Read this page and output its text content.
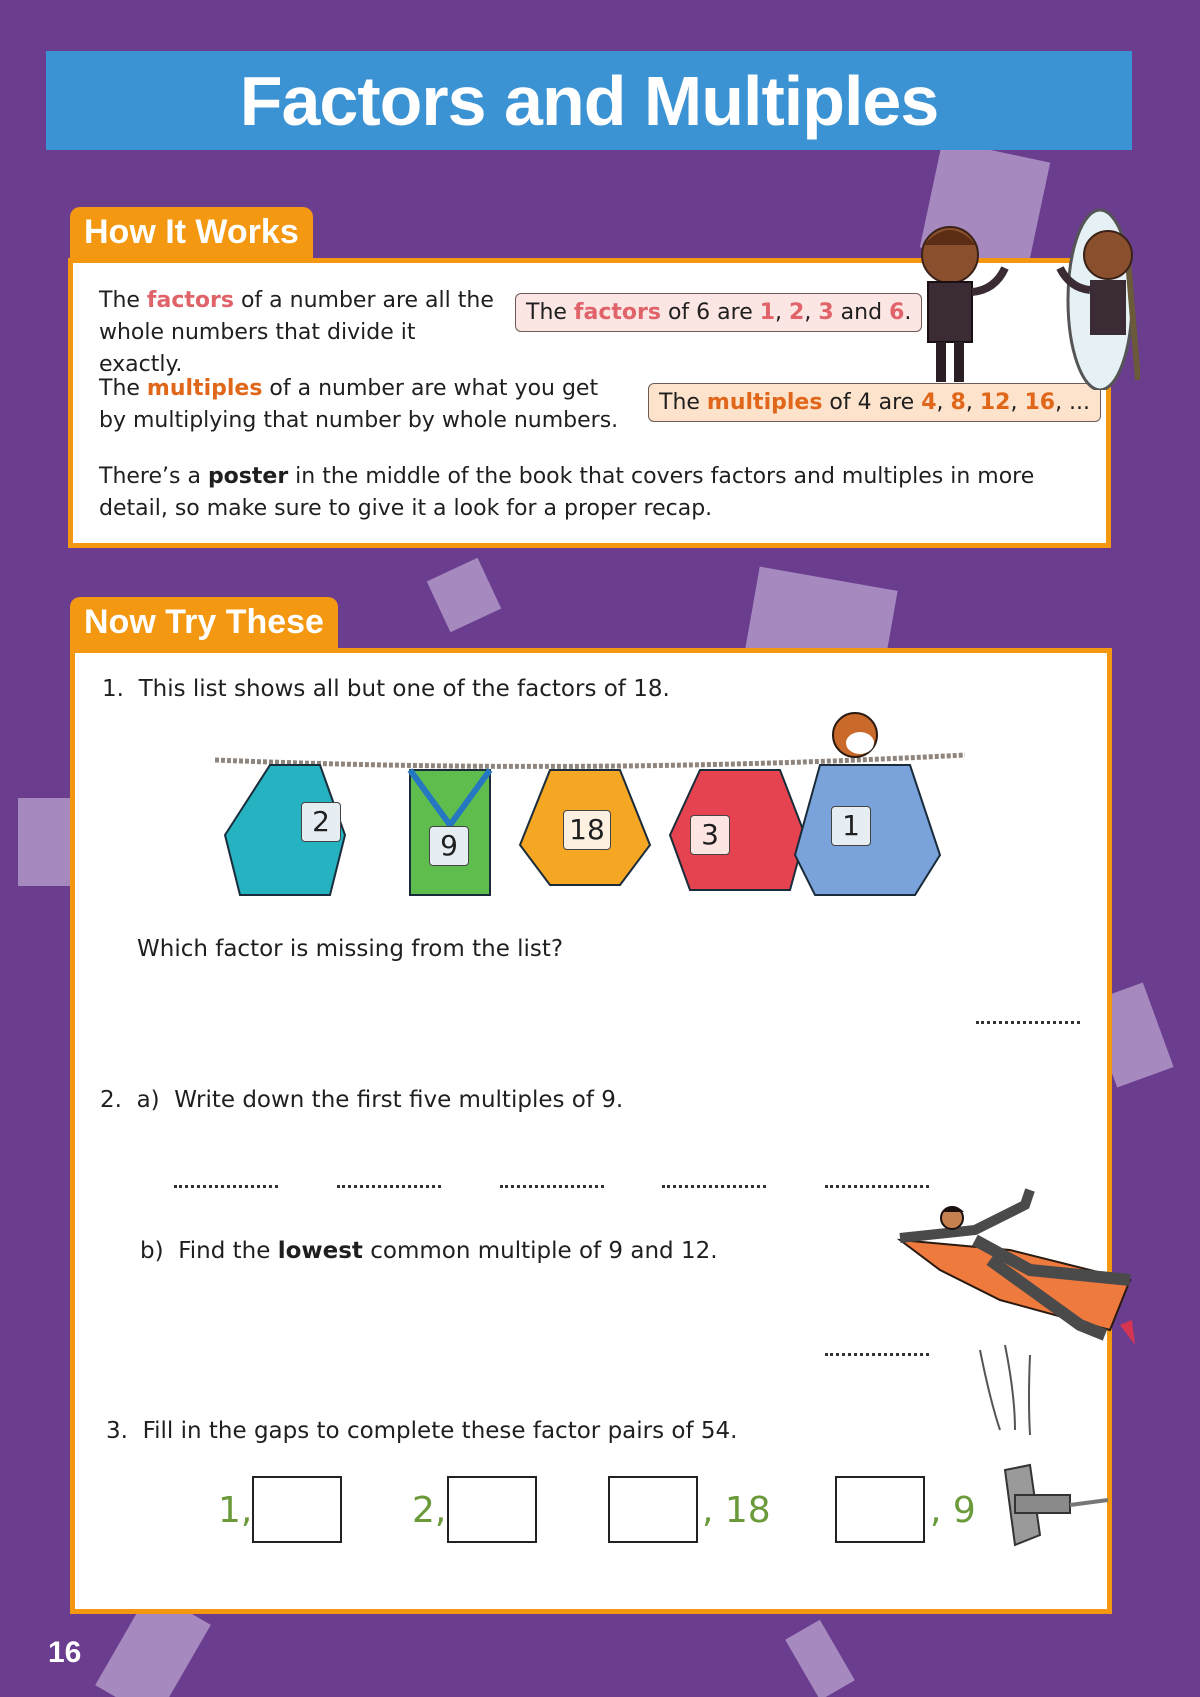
Factors and Multiples
How It Works
The factors of a number are all the whole numbers that divide it exactly.
The factors of 6 are 1, 2, 3 and 6.
The multiples of a number are what you get by multiplying that number by whole numbers.
The multiples of 4 are 4, 8, 12, 16, ...
There’s a poster in the middle of the book that covers factors and multiples in more detail, so make sure to give it a look for a proper recap.
Now Try These
1. This list shows all but one of the factors of 18.
2
9	18	3	1
Which factor is missing from the list?
2. a) Write down the first five multiples of 9.
b) Find the lowest common multiple of 9 and 12.
3. Fill in the gaps to complete these factor pairs of 54.
1,	2,	, 18	, 9
16
